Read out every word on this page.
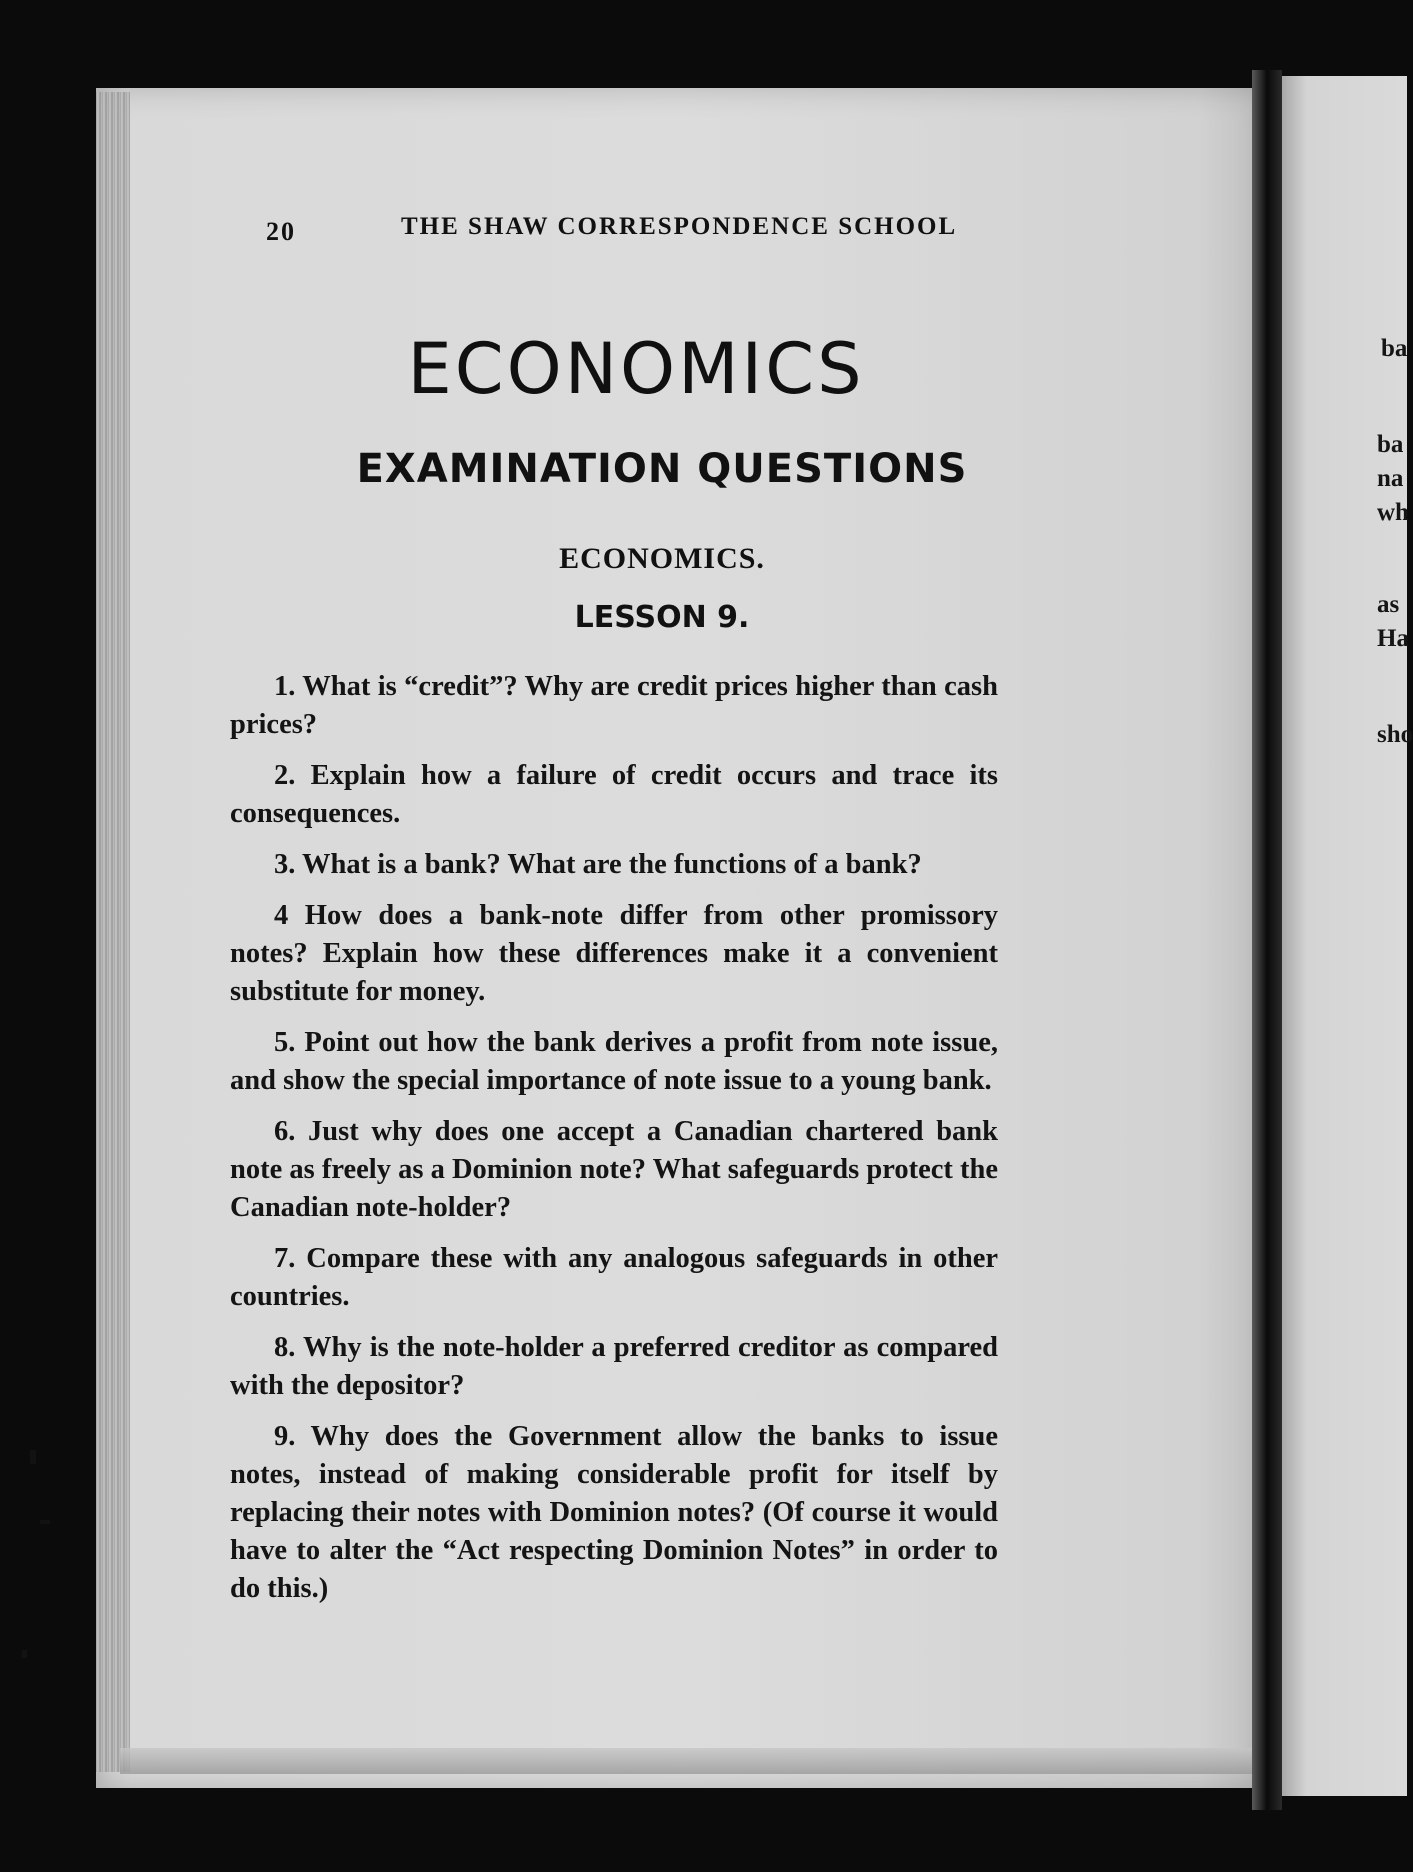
20	THE SHAW CORRESPONDENCE SCHOOL
ECONOMICS
EXAMINATION QUESTIONS
ECONOMICS.
LESSON 9.

1. What is “credit”? Why are credit prices higher than cash prices?

2. Explain how a failure of credit occurs and trace its consequences.

3. What is a bank? What are the functions of a bank?

4 How does a bank-note differ from other promissory notes? Explain how these differences make it a convenient substitute for money.

5. Point out how the bank derives a profit from note issue, and show the special importance of note issue to a young bank.

6. Just why does one accept a Canadian chartered bank note as freely as a Dominion note? What safeguards protect the Canadian note-holder?

7. Compare these with any analogous safeguards in other countries.

8. Why is the note-holder a preferred creditor as compared with the depositor?

9. Why does the Government allow the banks to issue notes, instead of making considerable profit for itself by replacing their notes with Dominion notes? (Of course it would have to alter the “Act respecting Dominion Notes” in order to do this.)

ba
ba
na
wh
as
Ha
sho
